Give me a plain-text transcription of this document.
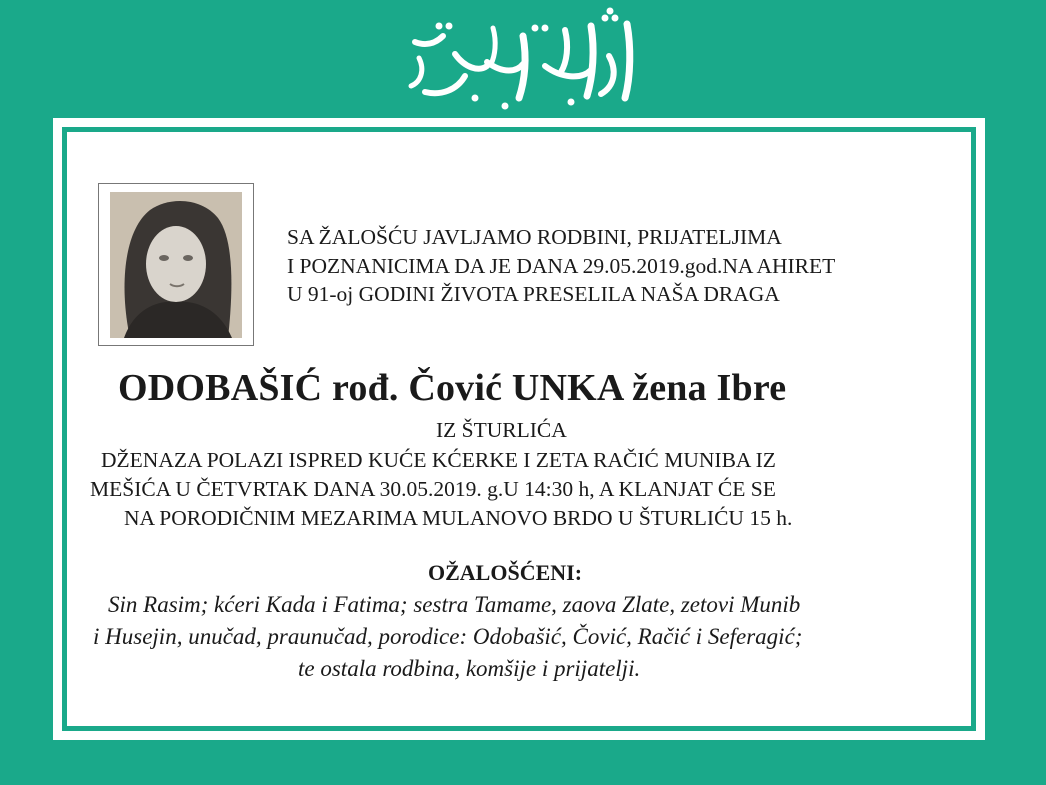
SA ŽALOŠĆU JAVLJAMO RODBINI, PRIJATELJIMA
I POZNANICIMA DA JE DANA 29.05.2019.god.NA AHIRET
U 91-oj GODINI ŽIVOTA PRESELILA NAŠA DRAGA
ODOBAŠIĆ rođ. Čović UNKA žena Ibre
IZ ŠTURLIĆA
DŽENAZA POLAZI ISPRED KUĆE KĆERKE I ZETA RAČIĆ MUNIBA IZ
MEŠIĆA U ČETVRTAK DANA 30.05.2019. g.U 14:30 h, A KLANJAT ĆE SE
NA PORODIČNIM MEZARIMA MULANOVO BRDO U ŠTURLIĆU 15 h.
OŽALOŠĆENI:
Sin Rasim; kćeri Kada i Fatima; sestra Tamame, zaova Zlate, zetovi Munib
i Husejin, unučad, praunučad, porodice: Odobašić, Čović, Račić i Seferagić;
te ostala rodbina, komšije i prijatelji.
